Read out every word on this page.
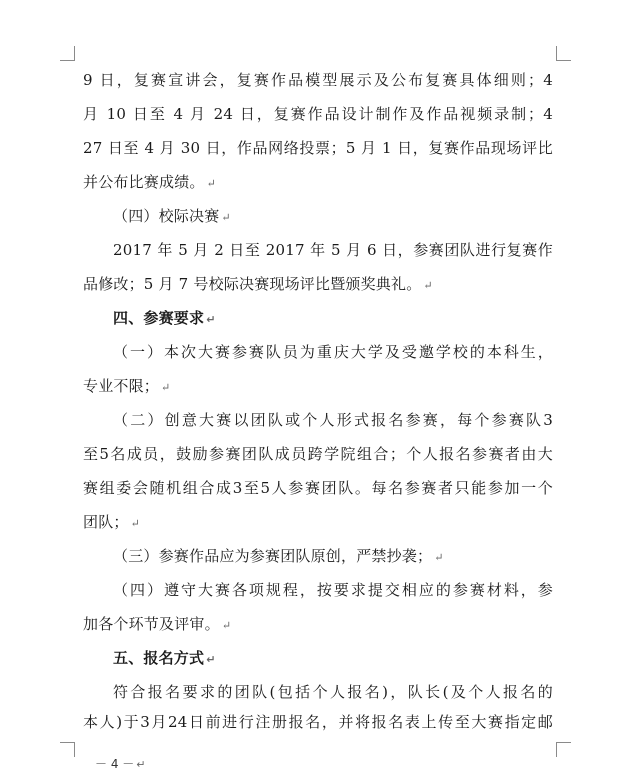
9 日，复赛宣讲会，复赛作品模型展示及公布复赛具体细则；4
月 10 日至 4 月 24 日，复赛作品设计制作及作品视频录制；4
27 日至 4 月 30 日，作品网络投票；5 月 1 日，复赛作品现场评比
并公布比赛成绩。 ↵
（四）校际决赛 ↵
2017 年 5 月 2 日至 2017 年 5 月 6 日，参赛团队进行复赛作
品修改；5 月 7 号校际决赛现场评比暨颁奖典礼。 ↵
四、参赛要求 ↵
（一）本次大赛参赛队员为重庆大学及受邀学校的本科生，
专业不限； ↵
（二）创意大赛以团队或个人形式报名参赛，每个参赛队3
至5名成员，鼓励参赛团队成员跨学院组合；个人报名参赛者由大
赛组委会随机组合成3至5人参赛团队。每名参赛者只能参加一个
团队； ↵
（三）参赛作品应为参赛团队原创，严禁抄袭； ↵
（四）遵守大赛各项规程，按要求提交相应的参赛材料，参
加各个环节及评审。 ↵
五、报名方式 ↵
符合报名要求的团队(包括个人报名)，队长(及个人报名的
本人)于3月24日前进行注册报名，并将报名表上传至大赛指定邮
－ 4 － ↵
